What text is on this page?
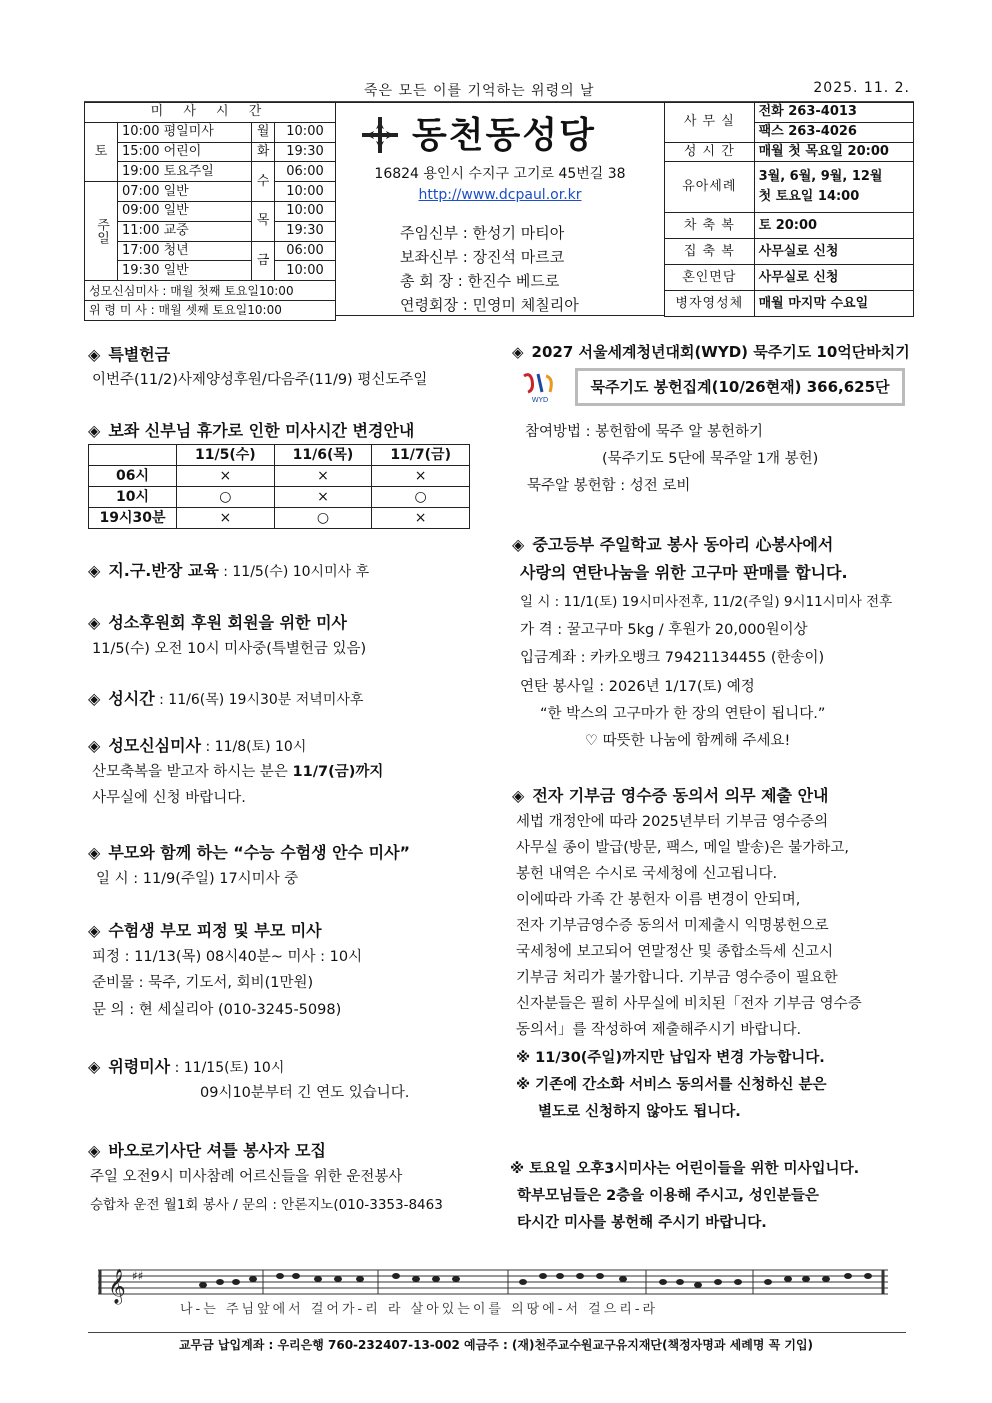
죽은 모든 이를 기억하는 위령의 날	2025. 11. 2.
미 사 시 간			
토	10:00 평일미사	월	10:00
	15:00 어린이	화	19:30
	19:00 토요주일	수	06:00

주일	07:00 일반		10:00
	09:00 일반	목	10:00
	11:00 교중		19:30
	17:00 청년	금	06:00
	19:30 일반		10:00
성모신심미사 : 매월 첫째 토요일10:00			
위 령 미 사 : 매월 셋째 토요일10:00			
동천동성당
16824 용인시 수지구 고기로 45번길 38
http://www.dcpaul.or.kr
주임신부 : 한성기 마티아
보좌신부 : 장진석 마르코
총 회 장 : 한진수 베드로
연령회장 : 민영미 체칠리아
사 무 실	전화 263-4013
	팩스 263-4026
성 시 간	매월 첫 목요일 20:00
유아세례	3월, 6월, 9월, 12월
첫 토요일 14:00

차 축 복	토 20:00
집 축 복	사무실로 신청
혼인면담	사무실로 신청
병자영성체	매월 마지막 수요일
◈ 특별헌금
이번주(11/2)사제양성후원/다음주(11/9) 평신도주일
◈ 보좌 신부님 휴가로 인한 미사시간 변경안내
	11/5(수)	11/6(목)	11/7(금)
06시	×	×	×
10시	○	×	○
19시30분	×	○	×
◈ 지.구.반장 교육 : 11/5(수) 10시미사 후
◈ 성소후원회 후원 회원을 위한 미사
11/5(수) 오전 10시 미사중(특별헌금 있음)
◈ 성시간 : 11/6(목) 19시30분 저녁미사후
◈ 성모신심미사 : 11/8(토) 10시
산모축복을 받고자 하시는 분은 11/7(금)까지
사무실에 신청 바랍니다.
◈ 부모와 함께 하는 “수능 수험생 안수 미사”
일 시 : 11/9(주일) 17시미사 중
◈ 수험생 부모 피정 및 부모 미사
피정 : 11/13(목) 08시40분~ 미사 : 10시
준비물 : 묵주, 기도서, 회비(1만원)
문 의 : 현 세실리아 (010-3245-5098)
◈ 위령미사 : 11/15(토) 10시
09시10분부터 긴 연도 있습니다.
◈ 바오로기사단 셔틀 봉사자 모집
주일 오전9시 미사참례 어르신들을 위한 운전봉사
승합차 운전 월1회 봉사 / 문의 : 안론지노(010-3353-8463
◈ 2027 서울세계청년대회(WYD) 묵주기도 10억단바치기
WYD
묵주기도 봉헌집계(10/26현재) 366,625단
참여방법 : 봉헌함에 묵주 알 봉헌하기
(묵주기도 5단에 묵주알 1개 봉헌)
묵주알 봉헌함 : 성전 로비
◈ 중고등부 주일학교 봉사 동아리 心봉사에서
사랑의 연탄나눔을 위한 고구마 판매를 합니다.
일 시 : 11/1(토) 19시미사전후, 11/2(주일) 9시11시미사 전후
가 격 : 꿀고구마 5kg / 후원가 20,000원이상
입금계좌 : 카카오뱅크 79421134455 (한송이)
연탄 봉사일 : 2026년 1/17(토) 예정
“한 박스의 고구마가 한 장의 연탄이 됩니다.”
♡ 따뜻한 나눔에 함께해 주세요!
◈ 전자 기부금 영수증 동의서 의무 제출 안내
세법 개정안에 따라 2025년부터 기부금 영수증의
사무실 종이 발급(방문, 팩스, 메일 발송)은 불가하고,
봉헌 내역은 수시로 국세청에 신고됩니다.
이에따라 가족 간 봉헌자 이름 변경이 안되며,
전자 기부금영수증 동의서 미제출시 익명봉헌으로
국세청에 보고되어 연말정산 및 종합소득세 신고시
기부금 처리가 불가합니다. 기부금 영수증이 필요한
신자분들은 필히 사무실에 비치된「전자 기부금 영수증
동의서」를 작성하여 제출해주시기 바랍니다.
※ 11/30(주일)까지만 납입자 변경 가능합니다.
※ 기존에 간소화 서비스 동의서를 신청하신 분은
별도로 신청하지 않아도 됩니다.
※ 토요일 오후3시미사는 어린이들을 위한 미사입니다.
학부모님들은 2층을 이용해 주시고, 성인분들은
타시간 미사를 봉헌해 주시기 바랍니다.
𝄞 ♯♯
나-는 주님앞에서 걸어가-리 라 살아있는이를 의땅에-서 걸으리-라
교무금 납입계좌 : 우리은행 760-232407-13-002 예금주 : (재)천주교수원교구유지재단(책정자명과 세례명 꼭 기입)
